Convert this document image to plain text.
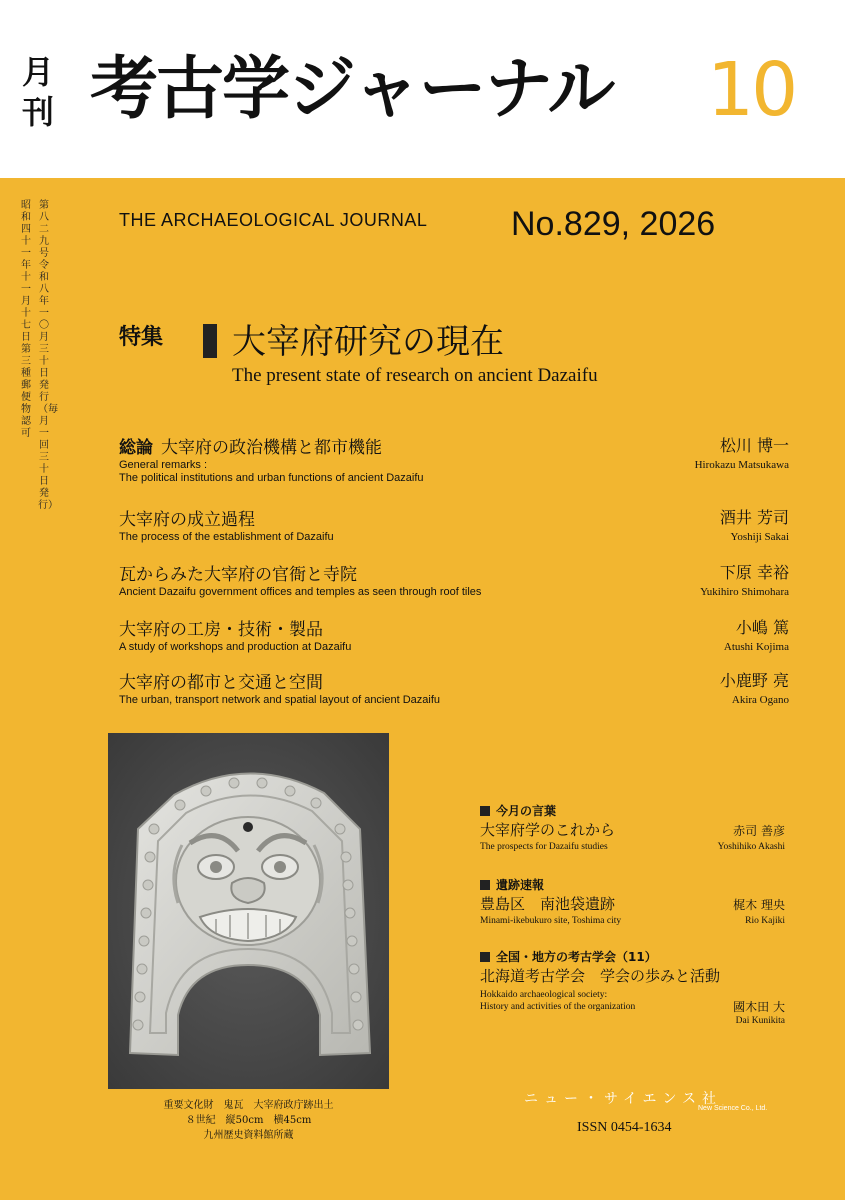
月刊 考古学ジャーナル 10
第八二九号令和八年一〇月三十日発行（毎月一回三十日発行）
昭和四十一年十一月十七日第三種郵便物認可
THE ARCHAEOLOGICAL JOURNAL No.829, 2026
特集 大宰府研究の現在
The present state of research on ancient Dazaifu
総論 大宰府の政治機構と都市機能
General remarks :
The political institutions and urban functions of ancient Dazaifu
松川 博一
Hirokazu Matsukawa
大宰府の成立過程
The process of the establishment of Dazaifu
酒井 芳司
Yoshiji Sakai
瓦からみた大宰府の官衙と寺院
Ancient Dazaifu government offices and temples as seen through roof tiles
下原 幸裕
Yukihiro Shimohara
大宰府の工房・技術・製品
A study of workshops and production at Dazaifu
小嶋 篤
Atushi Kojima
大宰府の都市と交通と空間
The urban, transport network and spatial layout of ancient Dazaifu
小鹿野 亮
Akira Ogano
重要文化財　鬼瓦　大宰府政庁跡出土
８世紀　縦50cm　横45cm
九州歴史資料館所蔵
今月の言葉
大宰府学のこれから
The prospects for Dazaifu studies
赤司 善彦
Yoshihiko Akashi
遺跡速報
豊島区　南池袋遺跡
Minami-ikebukuro site, Toshima city
梶木 理央
Rio Kajiki
全国・地方の考古学会（11）
北海道考古学会　学会の歩みと活動
Hokkaido archaeological society:
History and activities of the organization	國木田 大
Dai Kunikita
ニュー・サイエンス社
New Science Co., Ltd.
ISSN 0454-1634
